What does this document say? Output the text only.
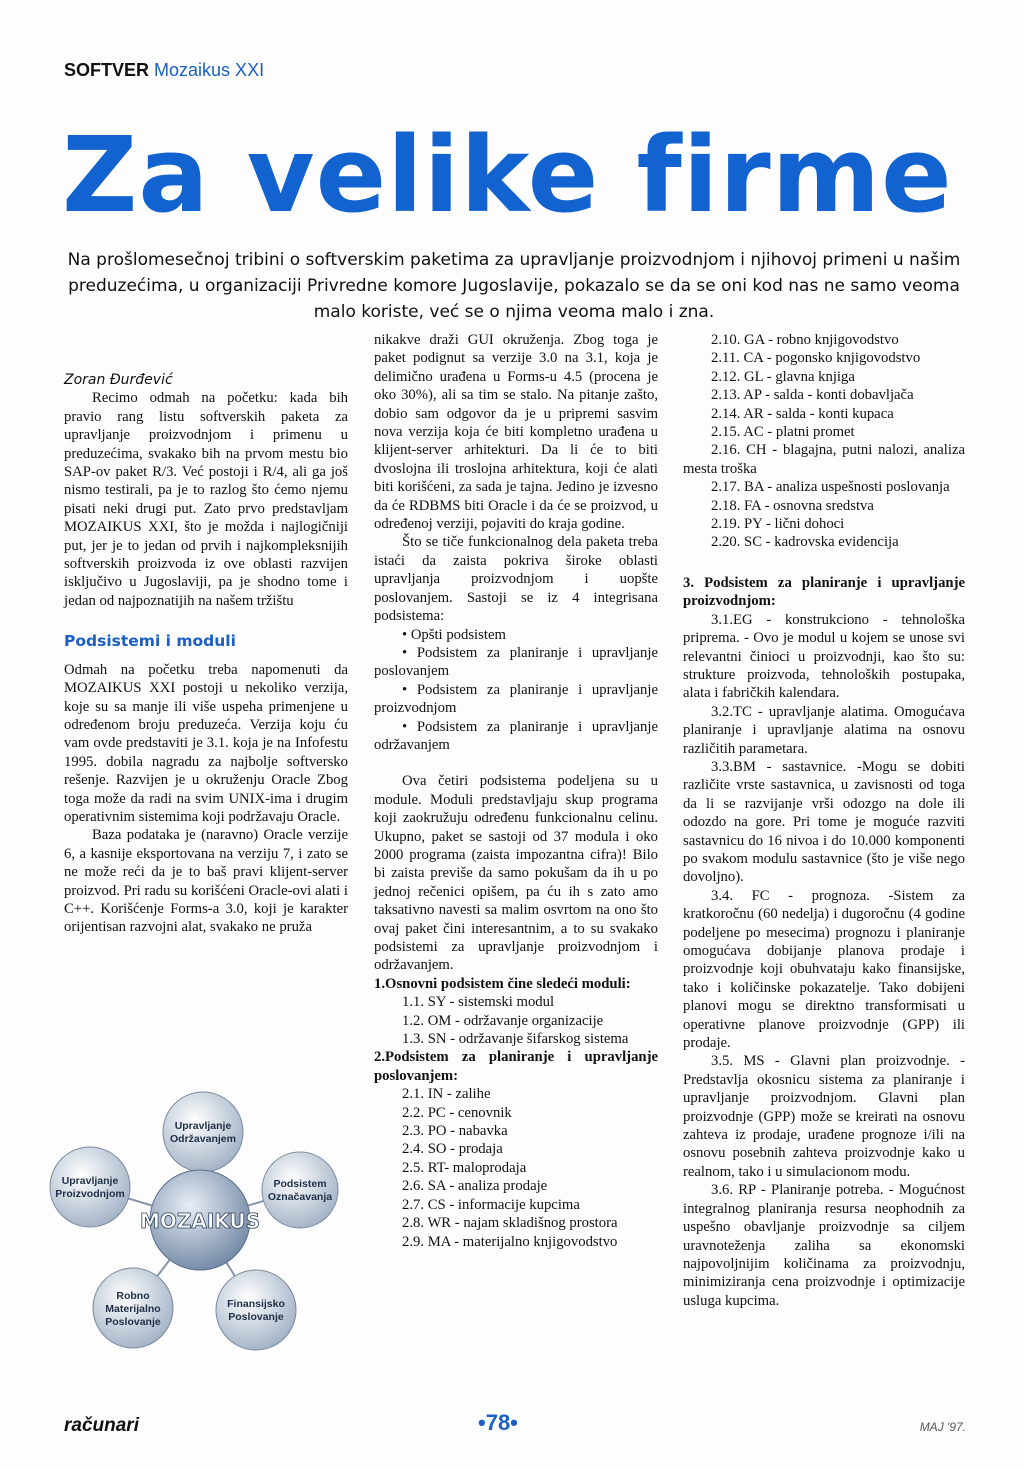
SOFTVER Mozaikus XXI
Za velike firme

Na prošlomesečnoj tribini o softverskim paketima za upravljanje proizvodnjom i njihovoj primeni u našim preduzećima, u organizaciji Privredne komore Jugoslavije, pokazalo se da se oni kod nas ne samo veoma malo koriste, već se o njima veoma malo i zna.

Zoran Đurđević

Recimo odmah na početku: kada bih pravio rang listu softverskih paketa za upravljanje proizvodnjom i primenu u preduzećima, svakako bih na prvom mestu bio SAP-ov paket R/3. Već postoji i R/4, ali ga još nismo testirali, pa je to razlog što ćemo njemu pisati neki drugi put. Zato prvo predstavljam MOZAIKUS XXI, što je možda i najlogičniji put, jer je to jedan od prvih i najkompleksnijih softverskih proizvoda iz ove oblasti razvijen isključivo u Jugoslaviji, pa je shodno tome i jedan od najpoznatijih na našem tržištu

Podsistemi i moduli

Odmah na početku treba napomenuti da MOZAIKUS XXI postoji u nekoliko verzija, koje su sa manje ili više uspeha primenjene u određenom broju preduzeća. Verzija koju ću vam ovde predstaviti je 3.1. koja je na Infofestu 1995. dobila nagradu za najbolje softversko rešenje. Razvijen je u okruženju Oracle Zbog toga može da radi na svim UNIX-ima i drugim operativnim sistemima koji podržavaju Oracle.

Baza podataka je (naravno) Oracle verzije 6, a kasnije eksportovana na verziju 7, i zato se ne može reći da je to baš pravi klijent-server proizvod. Pri radu su korišćeni Oracle-ovi alati i C++. Korišćenje Forms-a 3.0, koji je karakter orijentisan razvojni alat, svakako ne pruža

nikakve draži GUI okruženja. Zbog toga je paket podignut sa verzije 3.0 na 3.1, koja je delimično urađena u Forms-u 4.5 (procena je oko 30%), ali sa tim se stalo. Na pitanje zašto, dobio sam odgovor da je u pripremi sasvim nova verzija koja će biti kompletno urađena u klijent-server arhitekturi. Da li će to biti dvoslojna ili troslojna arhitektura, koji će alati biti korišćeni, za sada je tajna. Jedino je izvesno da će RDBMS biti Oracle i da će se proizvod, u određenoj verziji, pojaviti do kraja godine.

Što se tiče funkcionalnog dela paketa treba istaći da zaista pokriva široke oblasti upravljanja proizvodnjom i uopšte poslovanjem. Sastoji se iz 4 integrisana podsistema:

• Opšti podsistem
• Podsistem za planiranje i upravljanje poslovanjem
• Podsistem za planiranje i upravljanje proizvodnjom
• Podsistem za planiranje i upravljanje održavanjem

Ova četiri podsistema podeljena su u module. Moduli predstavljaju skup programa koji zaokružuju određenu funkcionalnu celinu. Ukupno, paket se sastoji od 37 modula i oko 2000 programa (zaista impozantna cifra)! Bilo bi zaista previše da samo pokušam da ih u po jednoj rečenici opišem, pa ću ih s zato amo taksativno navesti sa malim osvrtom na ono što ovaj paket čini interesantnim, a to su svakako podsistemi za upravljanje proizvodnjom i održavanjem.

1.Osnovni podsistem čine sledeći moduli:

1.1. SY - sistemski modul
1.2. OM - održavanje organizacije
1.3. SN - održavanje šifarskog sistema

2.Podsistem za planiranje i upravljanje poslovanjem:

2.1. IN - zalihe
2.2. PC - cenovnik
2.3. PO - nabavka
2.4. SO - prodaja
2.5. RT- maloprodaja
2.6. SA - analiza prodaje
2.7. CS - informacije kupcima
2.8. WR - najam skladišnog prostora
2.9. MA - materijalno knjigovodstvo
2.10. GA - robno knjigovodstvo
2.11. CA - pogonsko knjigovodstvo
2.12. GL - glavna knjiga
2.13. AP - salda - konti dobavljača
2.14. AR - salda - konti kupaca
2.15. AC - platni promet

2.16. CH - blagajna, putni nalozi, analiza mesta troška

2.17. BA - analiza uspešnosti poslovanja

2.18. FA - osnovna sredstva
2.19. PY - lični dohoci
2.20. SC - kadrovska evidencija

3. Podsistem za planiranje i upravljanje proizvodnjom:

3.1.EG - konstrukciono - tehnološka priprema. - Ovo je modul u kojem se unose svi relevantni činioci u proizvodnji, kao što su: strukture proizvoda, tehnoloških postupaka, alata i fabričkih kalendara.

3.2.TC - upravljanje alatima. Omogućava planiranje i upravljanje alatima na osnovu različitih parametara.

3.3.BM - sastavnice. -Mogu se dobiti različite vrste sastavnica, u zavisnosti od toga da li se razvijanje vrši odozgo na dole ili odozdo na gore. Pri tome je moguće razviti sastavnicu do 16 nivoa i do 10.000 komponenti po svakom modulu sastavnice (što je više nego dovoljno).

3.4. FC - prognoza. -Sistem za kratkoročnu (60 nedelja) i dugoročnu (4 godine podeljene po mesecima) prognozu i planiranje omogućava dobijanje planova prodaje i proizvodnje koji obuhvataju kako finansijske, tako i količinske pokazatelje. Tako dobijeni planovi mogu se direktno transformisati u operativne planove proizvodnje (GPP) ili prodaje.

3.5. MS - Glavni plan proizvodnje. - Predstavlja okosnicu sistema za planiranje i upravljanje proizvodnjom. Glavni plan proizvodnje (GPP) može se kreirati na osnovu zahteva iz prodaje, urađene prognoze i/ili na osnovu posebnih zahteva proizvodnje kako u realnom, tako i u simulacionom modu.

3.6. RP - Planiranje potreba. - Mogućnost integralnog planiranja resursa neophodnih za uspešno obavljanje proizvodnje sa ciljem uravnoteženja zaliha sa ekonomski najpovoljnijim količinama za proizvodnju, minimiziranja cena proizvodnje i optimizacije usluga kupcima.

Upravljanje
Održavanjem
Upravljanje
Proizvodnjom
Podsistem
Označavanja
Robno
Materijalno
Poslovanje
Finansijsko
Poslovanje
MOZAIKUS
računari	•78•	MAJ '97.
